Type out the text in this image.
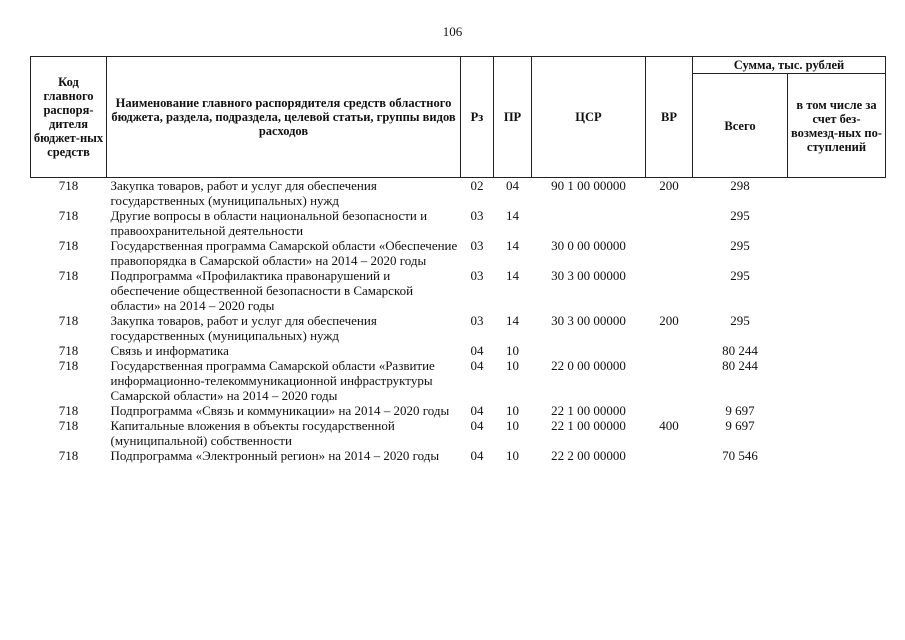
106
Код главного распоря-дителя бюджет-ных средств	Наименование главного распорядителя средств областного бюджета, раздела, подраздела, целевой статьи, группы видов расходов	Рз	ПР	ЦСР	ВР	Сумма, тыс. рублей	
						Всего	в том числе за счет без-возмезд-ных по-ступлений
718	Закупка товаров, работ и услуг для обеспечения государственных (муниципальных) нужд	02	04	90 1 00 00000	200	298	
718	Другие вопросы в области национальной безопасности и правоохранительной деятельности	03	14			295	
718	Государственная программа Самарской области «Обеспечение правопорядка в Самарской области» на 2014 – 2020 годы	03	14	30 0 00 00000		295	
718	Подпрограмма «Профилактика правонарушений и обеспечение общественной безопасности в Самарской области» на 2014 – 2020 годы	03	14	30 3 00 00000		295	
718	Закупка товаров, работ и услуг для обеспечения государственных (муниципальных) нужд	03	14	30 3 00 00000	200	295	
718	Связь и информатика	04	10			80 244	
718	Государственная программа Самарской области «Развитие информационно-телекоммуникационной инфраструктуры Самарской области» на 2014 – 2020 годы	04	10	22 0 00 00000		80 244	
718	Подпрограмма «Связь и коммуникации» на 2014 – 2020 годы	04	10	22 1 00 00000		9 697	
718	Капитальные вложения в объекты государственной (муниципальной) собственности	04	10	22 1 00 00000	400	9 697	
718	Подпрограмма «Электронный регион» на 2014 – 2020 годы	04	10	22 2 00 00000		70 546	
